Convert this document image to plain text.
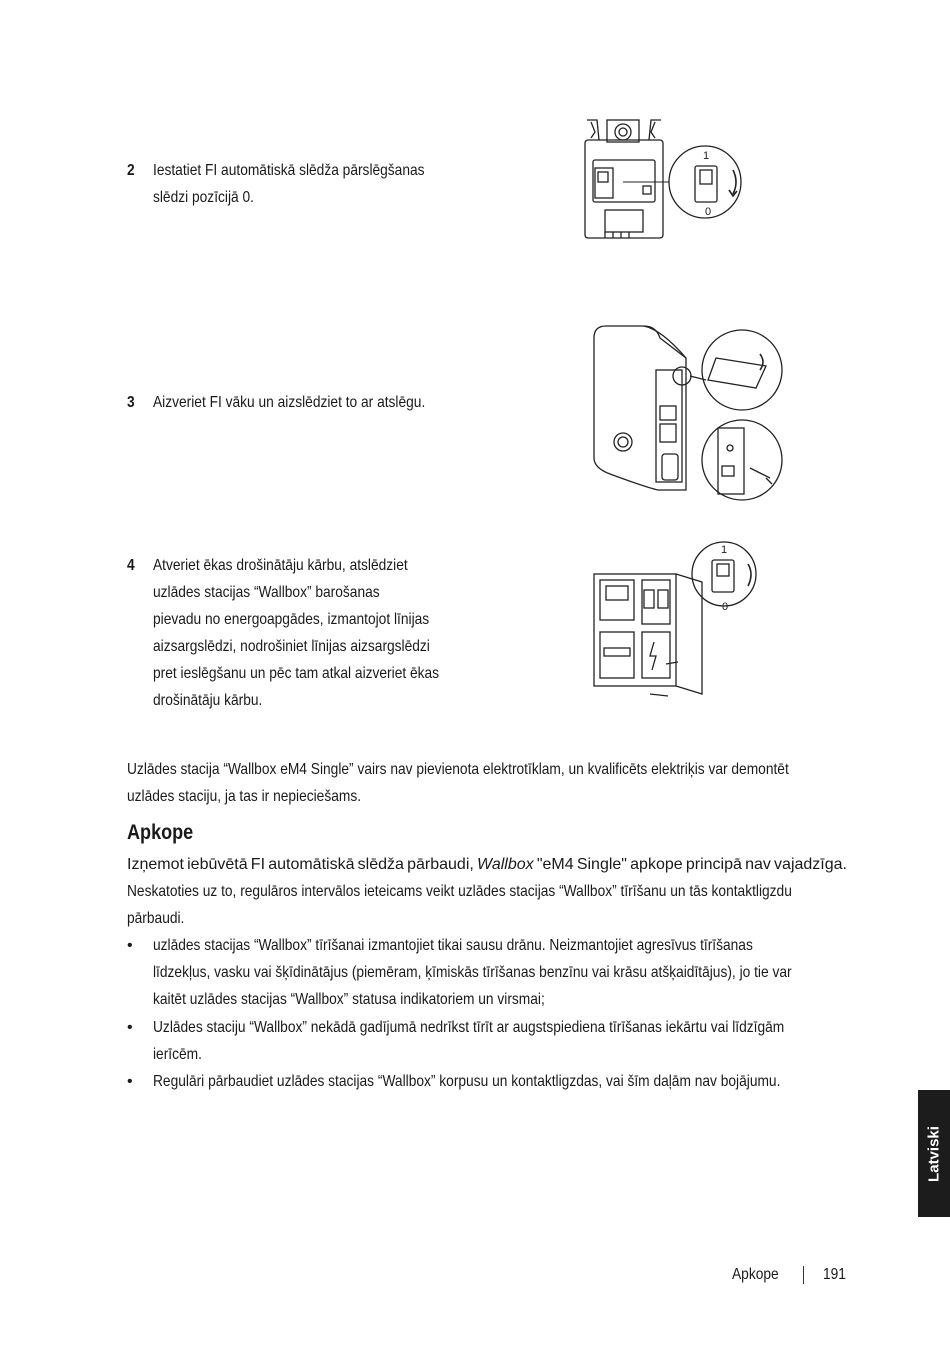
2 Iestatiet FI automātiskā slēdža pārslēgšanas
slēdzi pozīcijā 0.
1
0
3 Aizveriet FI vāku un aizslēdziet to ar atslēgu.
4 Atveriet ēkas drošinātāju kārbu, atslēdziet
uzlādes stacijas “Wallbox” barošanas
pievadu no energoapgādes, izmantojot līnijas
aizsargslēdzi, nodrošiniet līnijas aizsargslēdzi
pret ieslēgšanu un pēc tam atkal aizveriet ēkas
drošinātāju kārbu.
1
0
Uzlādes stacija “Wallbox eM4 Single” vairs nav pievienota elektrotīklam, un kvalificēts elektriķis var demontēt
uzlādes staciju, ja tas ir nepieciešams.
Apkope
Izņemot iebūvētā FI automātiskā slēdža pārbaudi, Wallbox "eM4 Single" apkope principā nav vajadzīga.
Neskatoties uz to, regulāros intervālos ieteicams veikt uzlādes stacijas “Wallbox” tīrīšanu un tās kontaktligzdu
pārbaudi.
• uzlādes stacijas “Wallbox” tīrīšanai izmantojiet tikai sausu drānu. Neizmantojiet agresīvus tīrīšanas
līdzekļus, vasku vai šķīdinātājus (piemēram, ķīmiskās tīrīšanas benzīnu vai krāsu atšķaidītājus), jo tie var
kaitēt uzlādes stacijas “Wallbox” statusa indikatoriem un virsmai;
• Uzlādes staciju “Wallbox” nekādā gadījumā nedrīkst tīrīt ar augstspiediena tīrīšanas iekārtu vai līdzīgām
ierīcēm.
• Regulāri pārbaudiet uzlādes stacijas “Wallbox” korpusu un kontaktligzdas, vai šīm daļām nav bojājumu.
Latviski
Apkope	191
